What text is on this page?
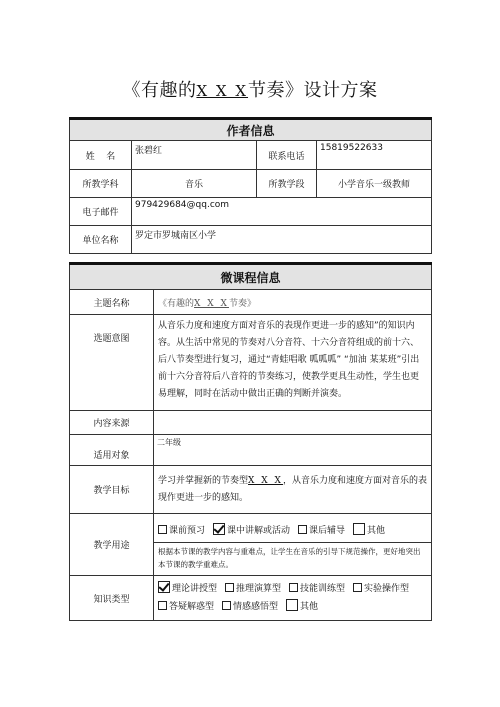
《有趣的X X X节奏》设计方案
作者信息			
姓    名	张碧红	联系电话	15819522633
所教学科	音乐	所教学段	小学音乐一级教师
电子邮件	979429684@qq.com		
单位名称	罗定市罗城南区小学		
微课程信息	
主题名称	《有趣的X X X节奏》
选题意图	从音乐力度和速度方面对音乐的表现作更进一步的感知”的知识内容。从生活中常见的节奏对八分音符、十六分音符组成的前十六、后八节奏型进行复习，通过“青蛙唱歌 呱呱呱” “加油 某某班”引出前十六分音符后八音符的节奏练习，使教学更具生动性，学生也更易理解，同时在活动中做出正确的判断并演奏。
内容来源	
适用对象	二年级
教学目标	学习并掌握新的节奏型X X X，从音乐力度和速度方面对音乐的表现作更进一步的感知。
教学用途	课前预习 课中讲解或活动 课后辅导 其他
根据本节课的教学内容与重难点，让学生在音乐的引导下规范操作，更好地突出本节课的教学重难点。

知识类型	理论讲授型 推理演算型 技能训练型 实验操作型
答疑解惑型 情感感悟型 其他
